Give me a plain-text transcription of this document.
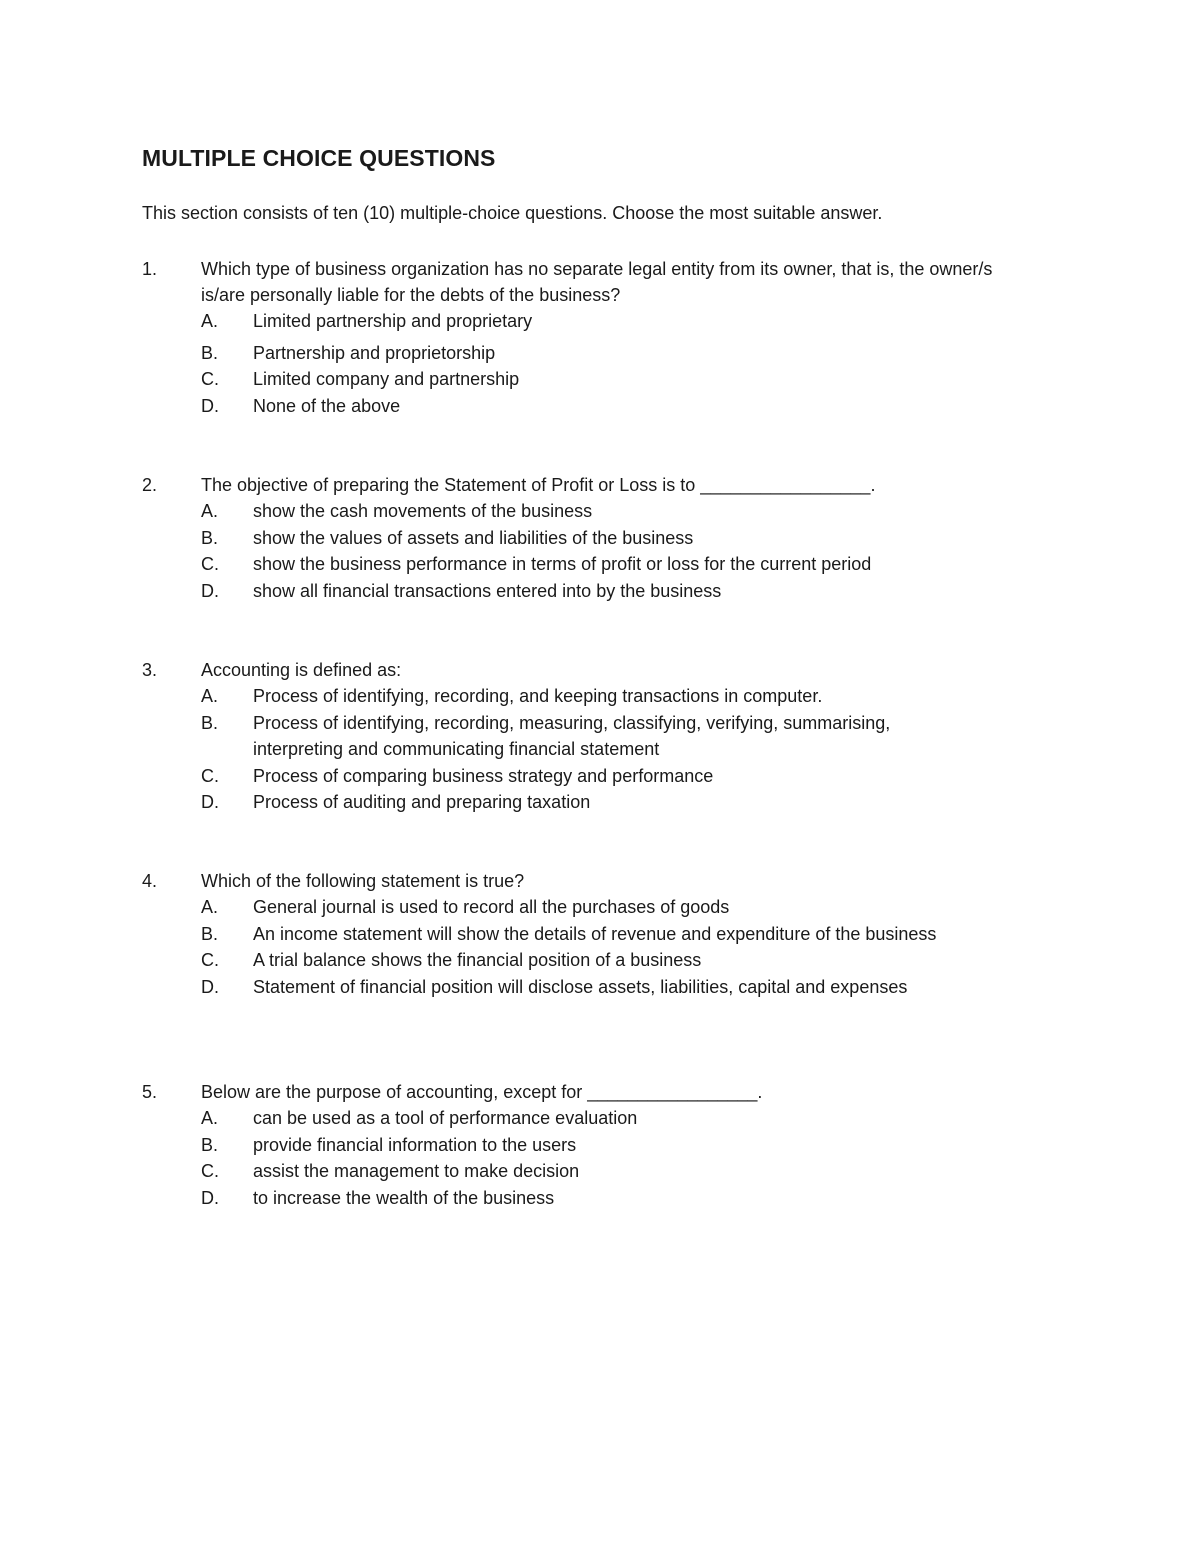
MULTIPLE CHOICE QUESTIONS
This section consists of ten (10) multiple-choice questions. Choose the most suitable answer.
1. Which type of business organization has no separate legal entity from its owner, that is, the owner/s is/are personally liable for the debts of the business?
A. Limited partnership and proprietary
B. Partnership and proprietorship
C. Limited company and partnership
D. None of the above
2. The objective of preparing the Statement of Profit or Loss is to _________________.
A. show the cash movements of the business
B. show the values of assets and liabilities of the business
C. show the business performance in terms of profit or loss for the current period
D. show all financial transactions entered into by the business
3. Accounting is defined as:
A. Process of identifying, recording, and keeping transactions in computer.
B. Process of identifying, recording, measuring, classifying, verifying, summarising, interpreting and communicating financial statement
C. Process of comparing business strategy and performance
D. Process of auditing and preparing taxation
4. Which of the following statement is true?
A. General journal is used to record all the purchases of goods
B. An income statement will show the details of revenue and expenditure of the business
C. A trial balance shows the financial position of a business
D. Statement of financial position will disclose assets, liabilities, capital and expenses
5. Below are the purpose of accounting, except for _________________.
A. can be used as a tool of performance evaluation
B. provide financial information to the users
C. assist the management to make decision
D. to increase the wealth of the business
